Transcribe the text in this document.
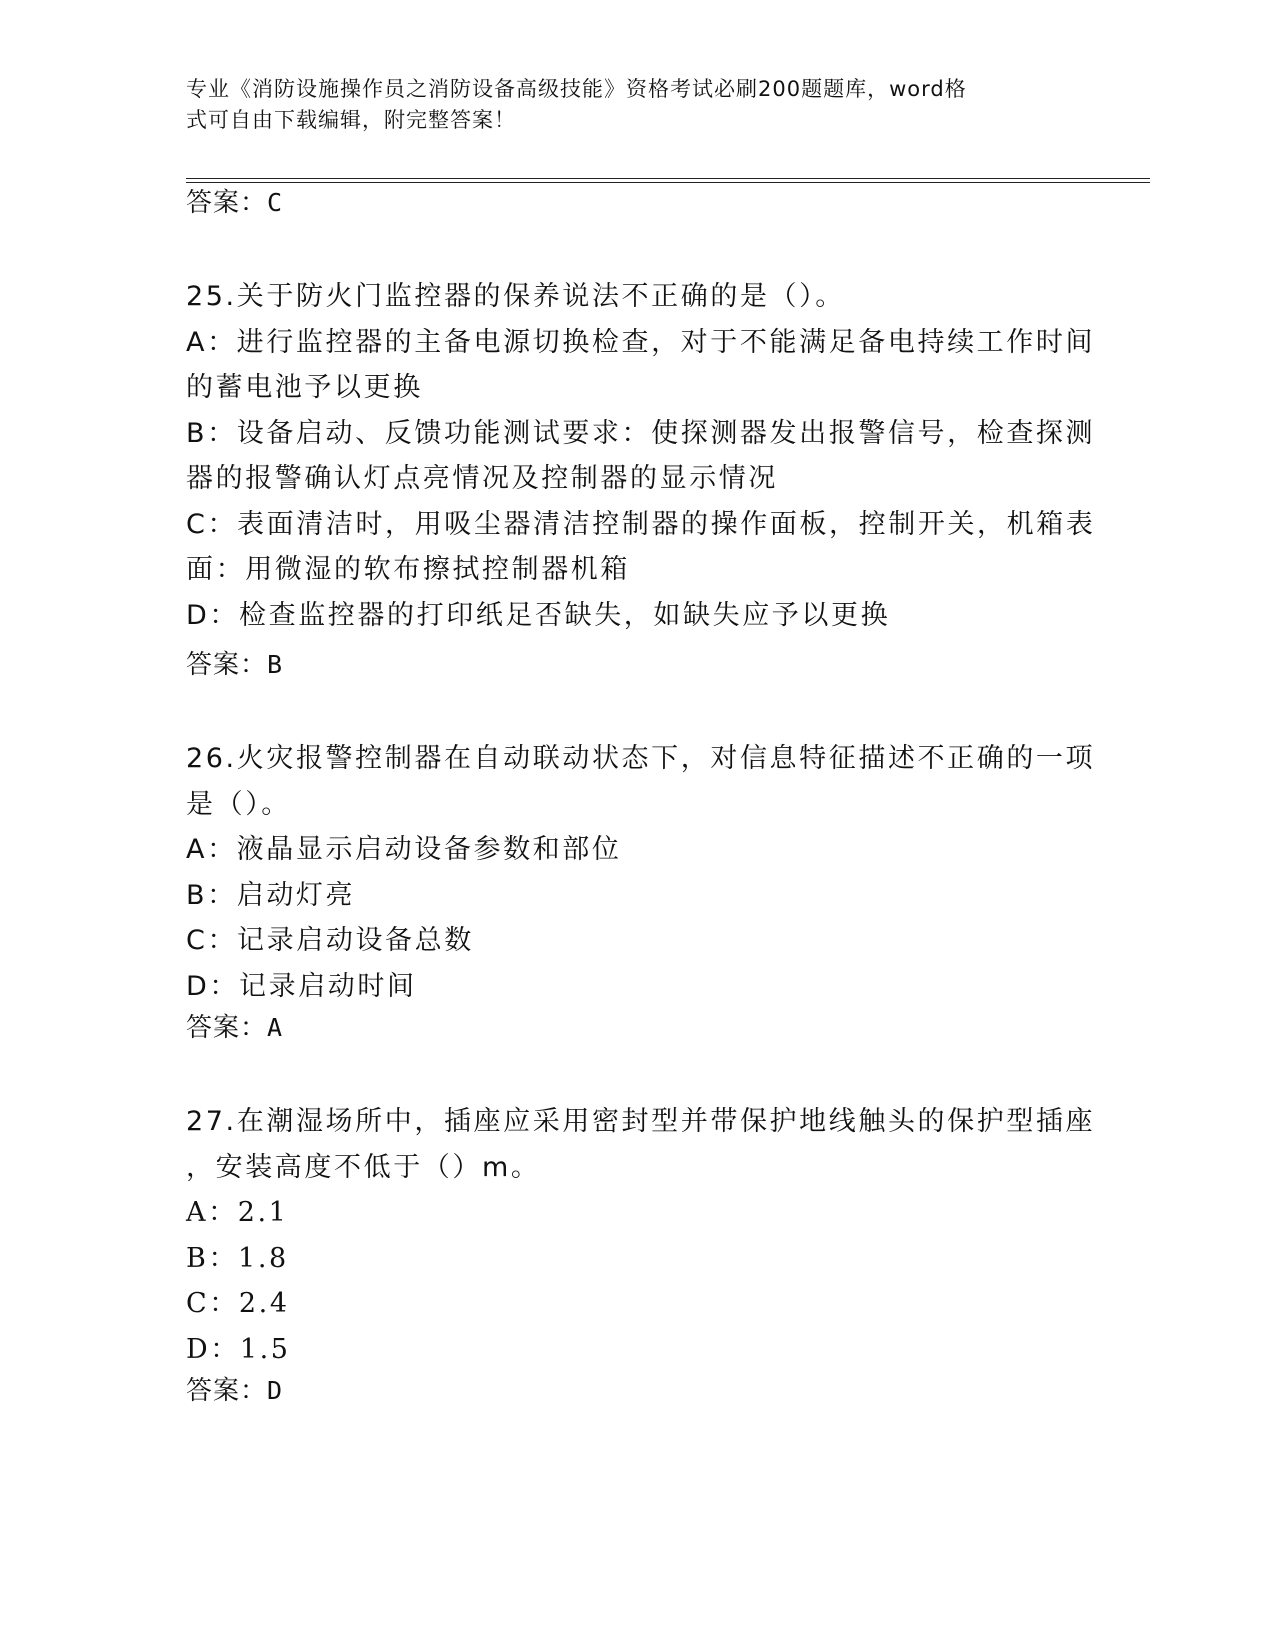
专业《消防设施操作员之消防设备高级技能》资格考试必刷200题题库，word格
式可自由下载编辑，附完整答案！
答案：C
25.关于防火门监控器的保养说法不正确的是（）。
A：进行监控器的主备电源切换检查，对于不能满足备电持续工作时间
的蓄电池予以更换
B：设备启动、反馈功能测试要求：使探测器发出报警信号，检查探测
器的报警确认灯点亮情况及控制器的显示情况
C：表面清洁时，用吸尘器清洁控制器的操作面板，控制开关，机箱表
面：用微湿的软布擦拭控制器机箱
D：检查监控器的打印纸足否缺失，如缺失应予以更换
答案：B
26.火灾报警控制器在自动联动状态下，对信息特征描述不正确的一项
是（）。
A：液晶显示启动设备参数和部位
B：启动灯亮
C：记录启动设备总数
D：记录启动时间
答案：A
27.在潮湿场所中，插座应采用密封型并带保护地线触头的保护型插座
，安装高度不低于（）m。
A：2.1
B：1.8
C：2.4
D：1.5
答案：D
